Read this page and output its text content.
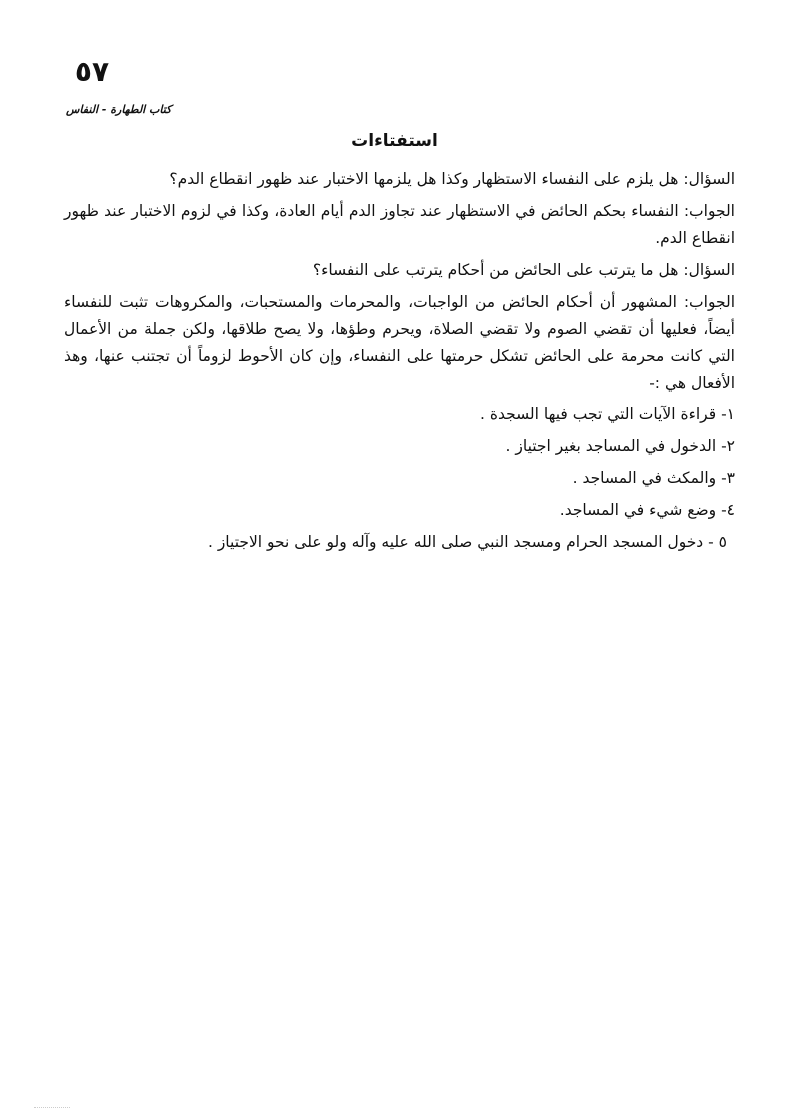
٥٧
كتاب الطهارة - النفاس
استفتاءات

السؤال: هل يلزم على النفساء الاستظهار وكذا هل يلزمها الاختبار عند ظهور انقطاع الدم؟

الجواب: النفساء بحكم الحائض في الاستظهار عند تجاوز الدم أيام العادة، وكذا في لزوم الاختبار عند ظهور انقطاع الدم.

السؤال: هل ما يترتب على الحائض من أحكام يترتب على النفساء؟

الجواب: المشهور أن أحكام الحائض من الواجبات، والمحرمات والمستحبات، والمكروهات تثبت للنفساء أيضاً، فعليها أن تقضي الصوم ولا تقضي الصلاة، ويحرم وطؤها، ولا يصح طلاقها، ولكن جملة من الأعمال التي كانت محرمة على الحائض تشكل حرمتها على النفساء، وإن كان الأحوط لزوماً أن تجتنب عنها، وهذ الأفعال هي :-

١- قراءة الآيات التي تجب فيها السجدة .
٢- الدخول في المساجد بغير اجتياز .
٣- والمكث في المساجد .
٤- وضع شيء في المساجد.
٥ - دخول المسجد الحرام ومسجد النبي صلى الله عليه وآله ولو على نحو الاجتياز .
